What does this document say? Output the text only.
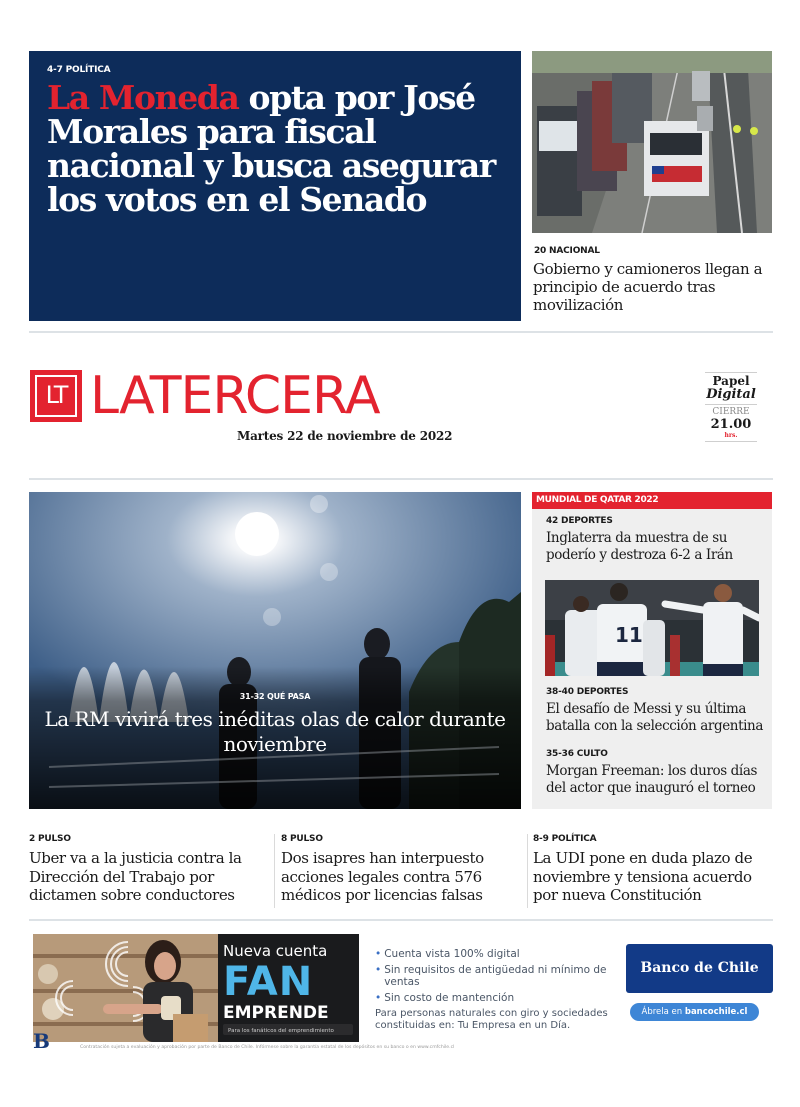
4-7 POLÍTICA
La Moneda opta por José Morales para fiscal nacional y busca asegurar los votos en el Senado
20 NACIONAL
Gobierno y camioneros llegan a principio de acuerdo tras movilización
LT LATERCERA
Martes 22 de noviembre de 2022
Papel
Digital
CIERRE
21.00
hrs.
31-32 QUÉ PASA
La RM vivirá tres inéditas olas de calor durante noviembre
MUNDIAL DE QATAR 2022
42 DEPORTES
Inglaterra da muestra de su poderío y destroza 6-2 a Irán
11
38-40 DEPORTES
El desafío de Messi y su última batalla con la selección argentina
35-36 CULTO
Morgan Freeman: los duros días del actor que inauguró el torneo
2 PULSO
Uber va a la justicia contra la Dirección del Trabajo por dictamen sobre conductores
8 PULSO
Dos isapres han interpuesto acciones legales contra 576 médicos por licencias falsas
8-9 POLÍTICA
La UDI pone en duda plazo de noviembre y tensiona acuerdo por nueva Constitución
Nueva cuenta
FAN
EMPRENDE
Para los fanáticos del emprendimiento
B	Contratación sujeta a evaluación y aprobación por parte de Banco de Chile. Infórmese sobre la garantía estatal de los depósitos en su banco o en www.cmfchile.cl
• Cuenta vista 100% digital
• Sin requisitos de antigüedad ni mínimo de ventas
• Sin costo de mantención
Para personas naturales con giro y sociedades constituidas en: Tu Empresa en un Día.
Banco de Chile
Ábrela en bancochile.cl
